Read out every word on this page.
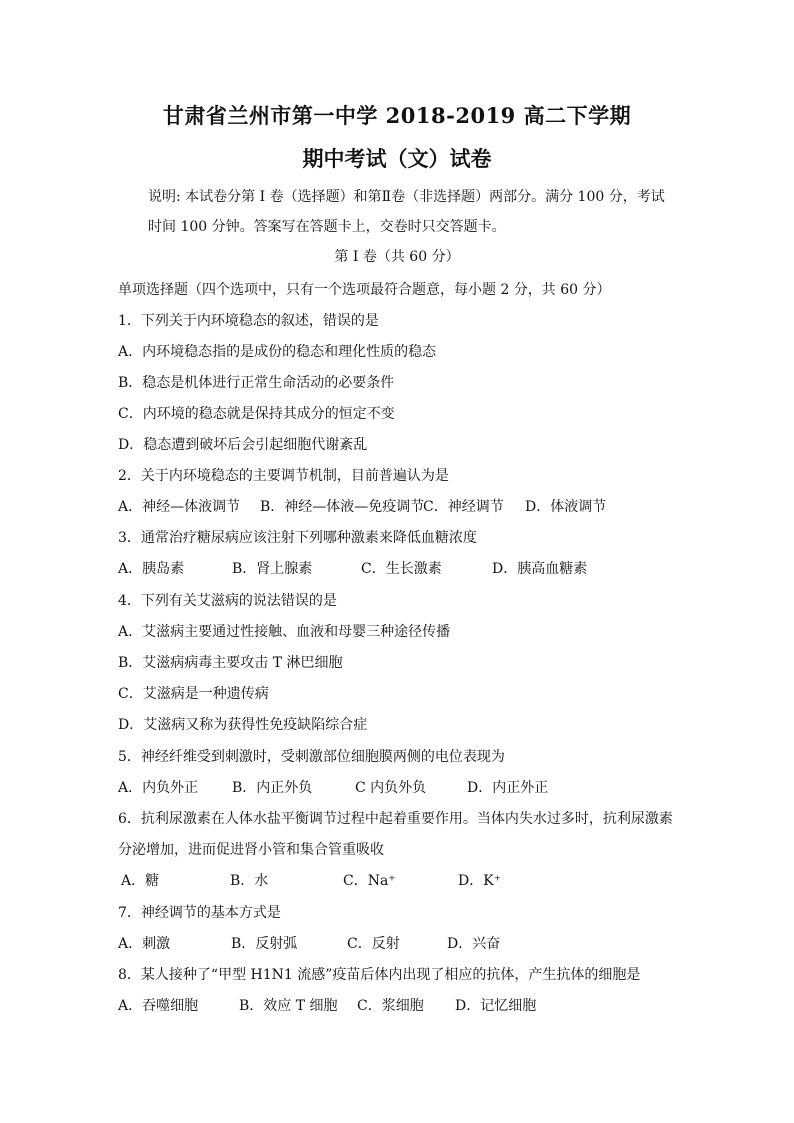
甘肃省兰州市第一中学 2018-2019 高二下学期
期中考试（文）试卷
说明: 本试卷分第 I 卷（选择题）和第Ⅱ卷（非选择题）两部分。满分 100 分，考试
时间 100 分钟。答案写在答题卡上，交卷时只交答题卡。
第 I 卷（共 60 分）
单项选择题（四个选项中，只有一个选项最符合题意，每小题 2 分，共 60 分）
1．下列关于内环境稳态的叙述，错误的是
A．内环境稳态指的是成份的稳态和理化性质的稳态
B．稳态是机体进行正常生命活动的必要条件
C．内环境的稳态就是保持其成分的恒定不变
D．稳态遭到破坏后会引起细胞代谢紊乱
2．关于内环境稳态的主要调节机制，目前普遍认为是
A．神经—体液调节 B．神经—体液—免疫调节C．神经调节 D．体液调节
3．通常治疗糖尿病应该注射下列哪种激素来降低血糖浓度
A．胰岛素	B．肾上腺素	C．生长激素	D．胰高血糖素
4．下列有关艾滋病的说法错误的是
A．艾滋病主要通过性接触、血液和母婴三种途径传播
B．艾滋病病毒主要攻击 T 淋巴细胞
C．艾滋病是一种遗传病
D．艾滋病又称为获得性免疫缺陷综合症
5．神经纤维受到刺激时，受刺激部位细胞膜两侧的电位表现为
A．内负外正 B．内正外负	C 内负外负	D．内正外正
6．抗利尿激素在人体水盐平衡调节过程中起着重要作用。当体内失水过多时，抗利尿激素
分泌增加，进而促进肾小管和集合管重吸收
A．糖	B．水	C．Na⁺	D．K⁺
7．神经调节的基本方式是
A．刺激	B．反射弧	C．反射	D．兴奋
8．某人接种了“甲型 H1N1 流感”疫苗后体内出现了相应的抗体，产生抗体的细胞是
A．吞噬细胞	B．效应 T 细胞 C．浆细胞 D．记忆细胞
